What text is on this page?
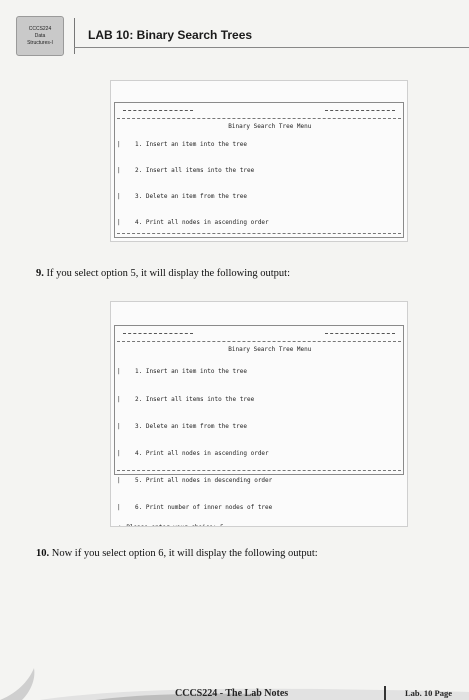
CCCS224
Data
Structures-I
LAB 10: Binary Search Trees

Binary Search Tree Menu

| 1. Insert an item into the tree

| 2. Insert all items into the tree

| 3. Delete an item from the tree

| 4. Print all nodes in ascending order

9. If you select option 5, it will display the following output:

Binary Search Tree Menu

| 1. Insert an item into the tree

| 2. Insert all items into the tree

| 3. Delete an item from the tree

| 4. Print all nodes in ascending order

| 5. Print all nodes in descending order

| 6. Print number of inner nodes of tree

10. Now if you select option 6, it will display the following output:
CCCS224 - The Lab Notes	Lab. 10 Page
